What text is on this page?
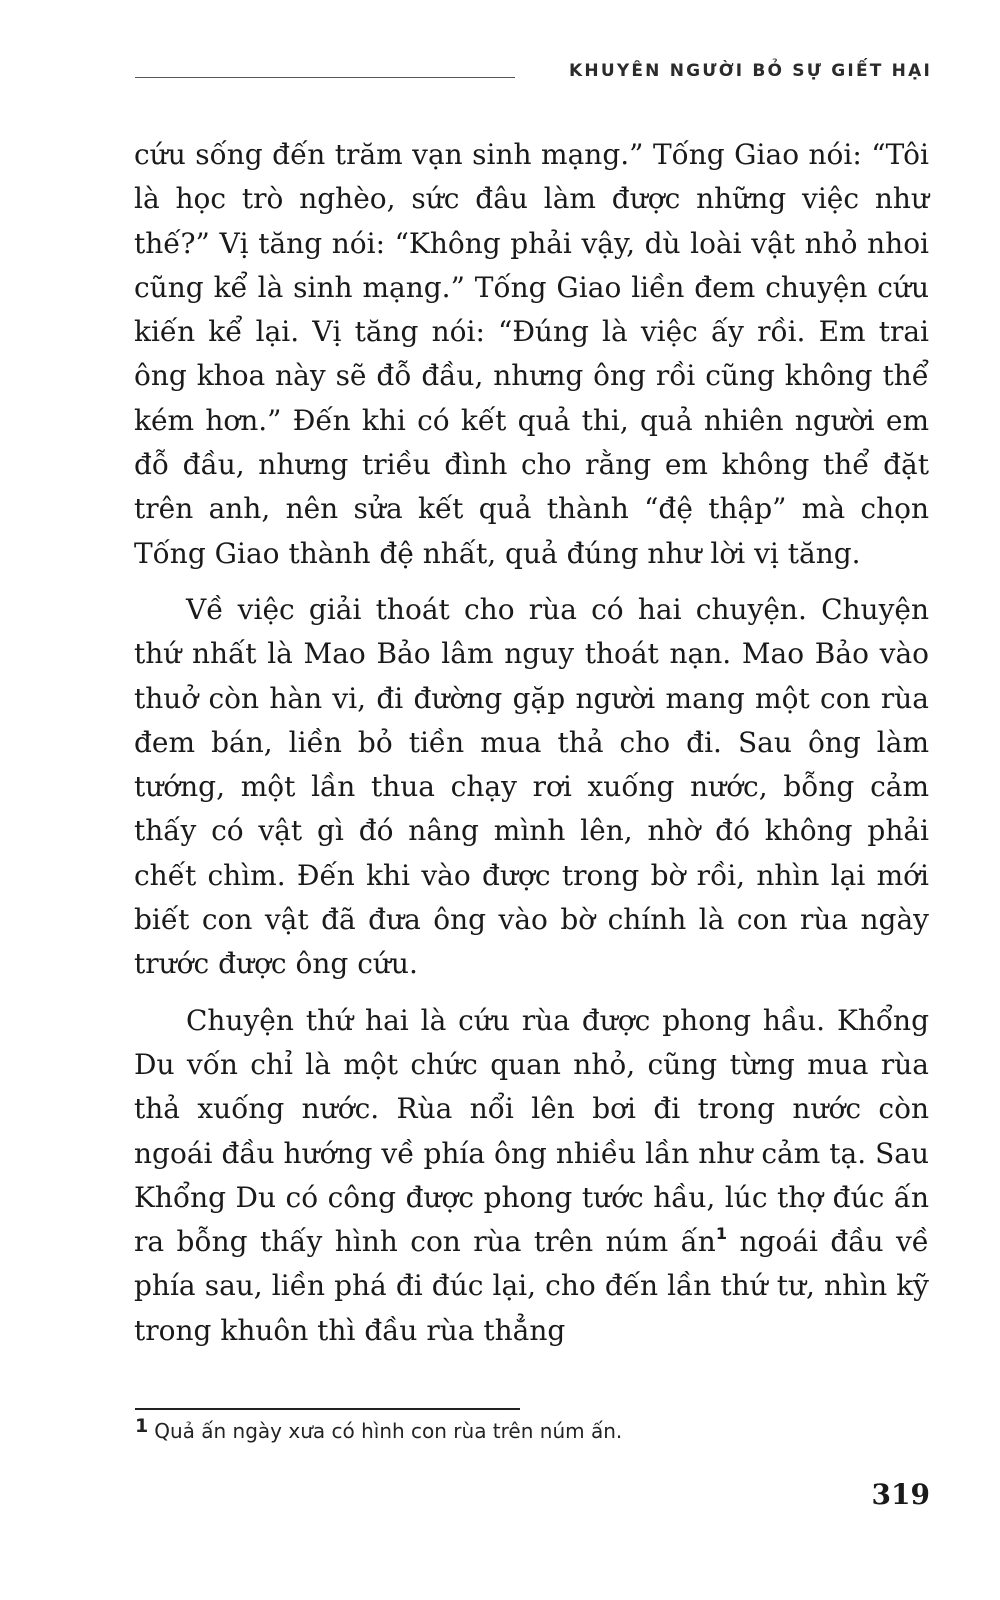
KHUYÊN NGƯỜI BỎ SỰ GIẾT HẠI

cứu sống đến trăm vạn sinh mạng.” Tống Giao nói: “Tôi là học trò nghèo, sức đâu làm được những việc như thế?” Vị tăng nói: “Không phải vậy, dù loài vật nhỏ nhoi cũng kể là sinh mạng.” Tống Giao liền đem chuyện cứu kiến kể lại. Vị tăng nói: “Đúng là việc ấy rồi. Em trai ông khoa này sẽ đỗ đầu, nhưng ông rồi cũng không thể kém hơn.” Đến khi có kết quả thi, quả nhiên người em đỗ đầu, nhưng triều đình cho rằng em không thể đặt trên anh, nên sửa kết quả thành “đệ thập” mà chọn Tống Giao thành đệ nhất, quả đúng như lời vị tăng.

Về việc giải thoát cho rùa có hai chuyện. Chuyện thứ nhất là Mao Bảo lâm nguy thoát nạn. Mao Bảo vào thuở còn hàn vi, đi đường gặp người mang một con rùa đem bán, liền bỏ tiền mua thả cho đi. Sau ông làm tướng, một lần thua chạy rơi xuống nước, bỗng cảm thấy có vật gì đó nâng mình lên, nhờ đó không phải chết chìm. Đến khi vào được trong bờ rồi, nhìn lại mới biết con vật đã đưa ông vào bờ chính là con rùa ngày trước được ông cứu.

Chuyện thứ hai là cứu rùa được phong hầu. Khổng Du vốn chỉ là một chức quan nhỏ, cũng từng mua rùa thả xuống nước. Rùa nổi lên bơi đi trong nước còn ngoái đầu hướng về phía ông nhiều lần như cảm tạ. Sau Khổng Du có công được phong tước hầu, lúc thợ đúc ấn ra bỗng thấy hình con rùa trên núm ấn$^1$ ngoái đầu về phía sau, liền phá đi đúc lại, cho đến lần thứ tư, nhìn kỹ trong khuôn thì đầu rùa thẳng

1 Quả ấn ngày xưa có hình con rùa trên núm ấn.
319
